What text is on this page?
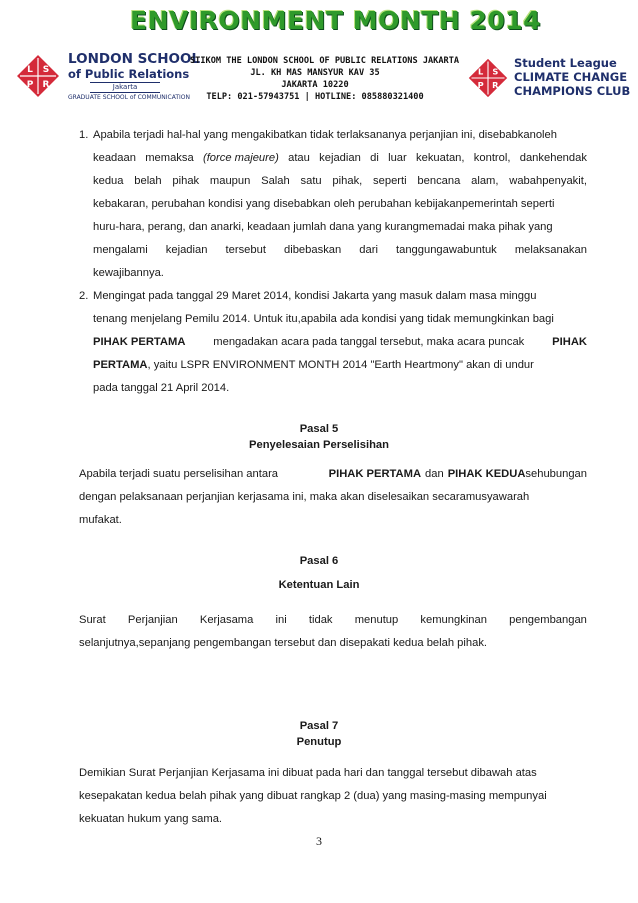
ENVIRONMENT MONTH 2014
L S
P R
LONDON SCHOOL
of Public Relations
Jakarta
GRADUATE SCHOOL of COMMUNICATION
STIKOM THE LONDON SCHOOL OF PUBLIC RELATIONS JAKARTA
JL. KH MAS MANSYUR KAV 35
JAKARTA 10220
TELP: 021-57943751 | HOTLINE: 085880321400
L S
P R
Student League
CLIMATE CHANGE
CHAMPIONS CLUB
1. Apabila terjadi hal-hal yang mengakibatkan tidak terlaksananya perjanjian ini, disebabkanoleh
keadaan memaksa (force majeure) atau kejadian di luar kekuatan, kontrol, dankehendak
kedua belah pihak maupun Salah satu pihak, seperti bencana alam, wabahpenyakit,
kebakaran, perubahan kondisi yang disebabkan oleh perubahan kebijakanpemerintah seperti
huru-hara, perang, dan anarki, keadaan jumlah dana yang kurangmemadai maka pihak yang
mengalami kejadian tersebut dibebaskan dari tanggungawabuntuk melaksanakan
kewajibannya.
2. Mengingat pada tanggal 29 Maret 2014, kondisi Jakarta yang masuk dalam masa minggu
tenang menjelang Pemilu 2014. Untuk itu,apabila ada kondisi yang tidak memungkinkan bagi
PIHAK PERTAMA mengadakan acara pada tanggal tersebut, maka acara puncak PIHAK
PERTAMA, yaitu LSPR ENVIRONMENT MONTH 2014 "Earth Heartmony" akan di undur
pada tanggal 21 April 2014.
Pasal 5
Penyelesaian Perselisihan
Apabila terjadi suatu perselisihan antara	PIHAK PERTAMA dan PIHAK KEDUAsehubungan
dengan pelaksanaan perjanjian kerjasama ini, maka akan diselesaikan secaramusyawarah
mufakat.
Pasal 6
Ketentuan Lain
Surat Perjanjian Kerjasama ini tidak menutup kemungkinan pengembangan
selanjutnya,sepanjang pengembangan tersebut dan disepakati kedua belah pihak.
Pasal 7
Penutup
Demikian Surat Perjanjian Kerjasama ini dibuat pada hari dan tanggal tersebut dibawah atas
kesepakatan kedua belah pihak yang dibuat rangkap 2 (dua) yang masing-masing mempunyai
kekuatan hukum yang sama.
3
